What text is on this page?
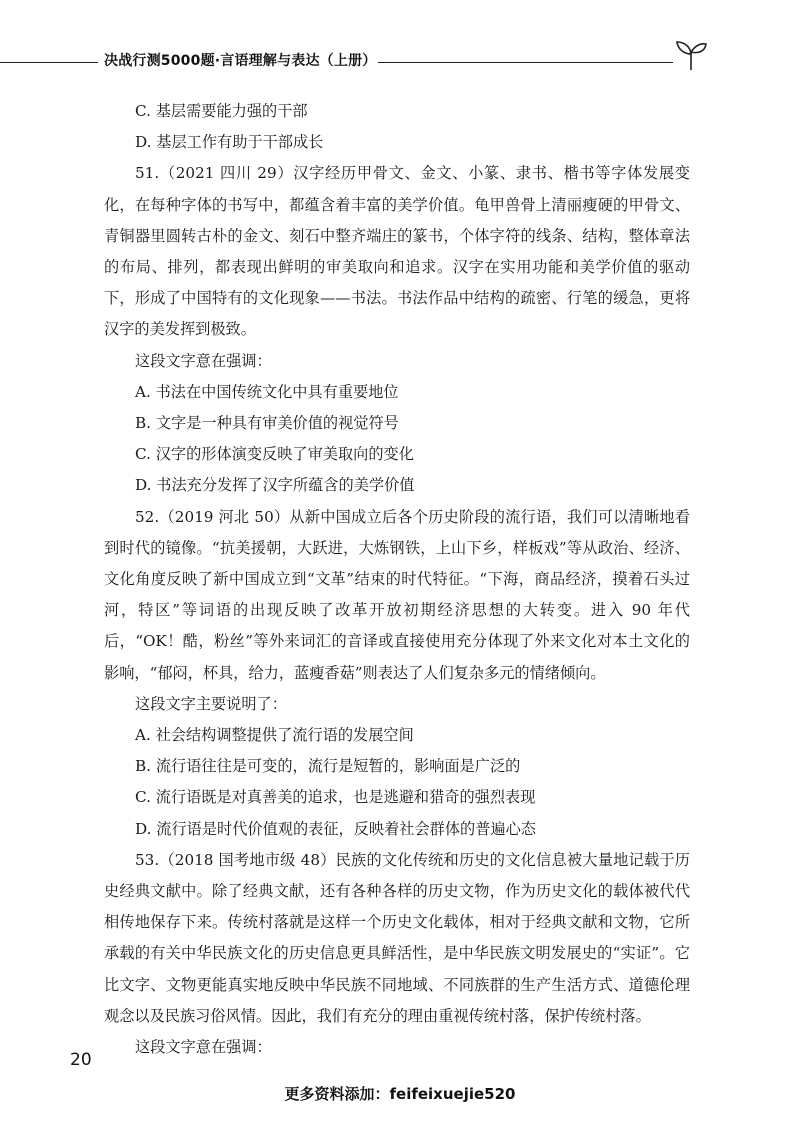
决战行测5000题·言语理解与表达（上册）

C. 基层需要能力强的干部

D. 基层工作有助于干部成长

51.（2021 四川 29）汉字经历甲骨文、金文、小篆、隶书、楷书等字体发展变化，在每种字体的书写中，都蕴含着丰富的美学价值。龟甲兽骨上清丽瘦硬的甲骨文、青铜器里圆转古朴的金文、刻石中整齐端庄的篆书，个体字符的线条、结构，整体章法的布局、排列，都表现出鲜明的审美取向和追求。汉字在实用功能和美学价值的驱动下，形成了中国特有的文化现象——书法。书法作品中结构的疏密、行笔的缓急，更将汉字的美发挥到极致。

这段文字意在强调：

A. 书法在中国传统文化中具有重要地位

B. 文字是一种具有审美价值的视觉符号

C. 汉字的形体演变反映了审美取向的变化

D. 书法充分发挥了汉字所蕴含的美学价值

52.（2019 河北 50）从新中国成立后各个历史阶段的流行语，我们可以清晰地看到时代的镜像。“抗美援朝，大跃进，大炼钢铁，上山下乡，样板戏”等从政治、经济、文化角度反映了新中国成立到“文革”结束的时代特征。“下海，商品经济，摸着石头过河，特区”等词语的出现反映了改革开放初期经济思想的大转变。进入 90 年代后，“OK！酷，粉丝”等外来词汇的音译或直接使用充分体现了外来文化对本土文化的影响，“郁闷，杯具，给力，蓝瘦香菇”则表达了人们复杂多元的情绪倾向。

这段文字主要说明了：

A. 社会结构调整提供了流行语的发展空间

B. 流行语往往是可变的，流行是短暂的，影响面是广泛的

C. 流行语既是对真善美的追求，也是逃避和猎奇的强烈表现

D. 流行语是时代价值观的表征，反映着社会群体的普遍心态

53.（2018 国考地市级 48）民族的文化传统和历史的文化信息被大量地记载于历史经典文献中。除了经典文献，还有各种各样的历史文物，作为历史文化的载体被代代相传地保存下来。传统村落就是这样一个历史文化载体，相对于经典文献和文物，它所承载的有关中华民族文化的历史信息更具鲜活性，是中华民族文明发展史的“实证”。它比文字、文物更能真实地反映中华民族不同地域、不同族群的生产生活方式、道德伦理观念以及民族习俗风情。因此，我们有充分的理由重视传统村落，保护传统村落。

这段文字意在强调：

20
更多资料添加：feifeixuejie520
